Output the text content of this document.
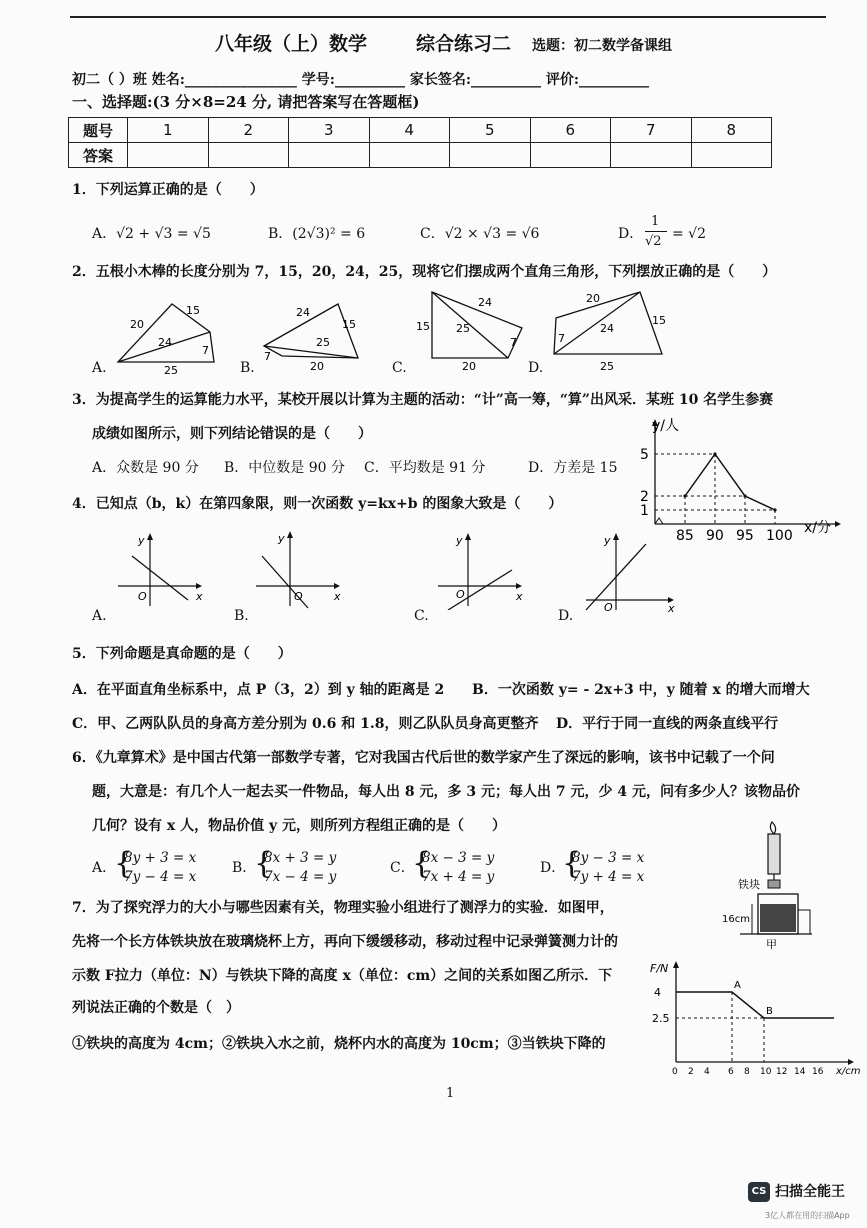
八年级（上）数学	综合练习二 选题：初二数学备课组
初二（ ）班 姓名:________________ 学号:__________ 家长签名:__________ 评价:__________
一、选择题:(3 分×8=24 分, 请把答案写在答题框)
题号	1	2	3	4	5	6	7	8
答案								
1．下列运算正确的是（　　）
A．√2 + √3 = √5	B．(2√3)² = 6	C．√2 × √3 = √6	D．
1
√2 = √2
2．五根小木棒的长度分别为 7，15，20，24，25，现将它们摆成两个直角三角形，下列摆放正确的是（　　）
A.	B.	C.	D.
20
15
24
7
25
24
15
25
7
20
24
15 25
7
20
20
15
24
7
25
3．为提高学生的运算能力水平，某校开展以计算为主题的活动：“计”高一筹，“算”出风采．某班 10 名学生参赛
成绩如图所示，则下列结论错误的是（　　）
A．众数是 90 分 B．中位数是 90 分 C．平均数是 91 分	D．方差是 15
y/人
x/分
85 90 95 100
1
2
5
4．已知点（b，k）在第四象限，则一次函数 y=kx+b 的图象大致是（　　）
A.	B.	C.	D.
y
x
O
y
x
O
y
x
O
y
x
O
5．下列命题是真命题的是（　　）
A．在平面直角坐标系中，点 P（3，2）到 y 轴的距离是 2 B．一次函数 y= - 2x+3 中，y 随着 x 的增大而增大
C．甲、乙两队队员的身高方差分别为 0.6 和 1.8，则乙队队员身高更整齐 D．平行于同一直线的两条直线平行
6．《九章算术》是中国古代第一部数学专著，它对我国古代后世的数学家产生了深远的影响，该书中记载了一个问
题，大意是：有几个人一起去买一件物品，每人出 8 元，多 3 元；每人出 7 元，少 4 元，问有多少人？该物品价
几何？设有 x 人，物品价值 y 元，则所列方程组正确的是（　　）
A．
{
8y + 3 = x
7y − 4 = x
B．
{
8x + 3 = y
7x − 4 = y
C．
{
8x − 3 = y
7x + 4 = y
D．
{
8y − 3 = x
7y + 4 = x
7．为了探究浮力的大小与哪些因素有关，物理实验小组进行了测浮力的实验．如图甲，
先将一个长方体铁块放在玻璃烧杯上方，再向下缓缓移动，移动过程中记录弹簧测力计的
示数 F拉力（单位：N）与铁块下降的高度 x（单位：cm）之间的关系如图乙所示．下
列说法正确的个数是（　）
①铁块的高度为 4cm；②铁块入水之前，烧杯内水的高度为 10cm；③当铁块下降的
铁块
16cm
甲
F/N
x/cm
4
2.5
A
B
0 2 4 6 8 10 12 14 16
1
CS 扫描全能王
3亿人都在用的扫描App
